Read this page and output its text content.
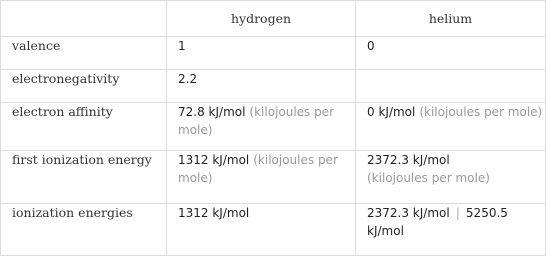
	hydrogen	helium
valence	1	0
electronegativity	2.2	
electron affinity	72.8 kJ/mol (kilojoules per mole)	0 kJ/mol (kilojoules per mole)
first ionization energy	1312 kJ/mol (kilojoules per mole)	2372.3 kJ/mol
(kilojoules per mole)
ionization energies	1312 kJ/mol	2372.3 kJ/mol | 5250.5 kJ/mol
